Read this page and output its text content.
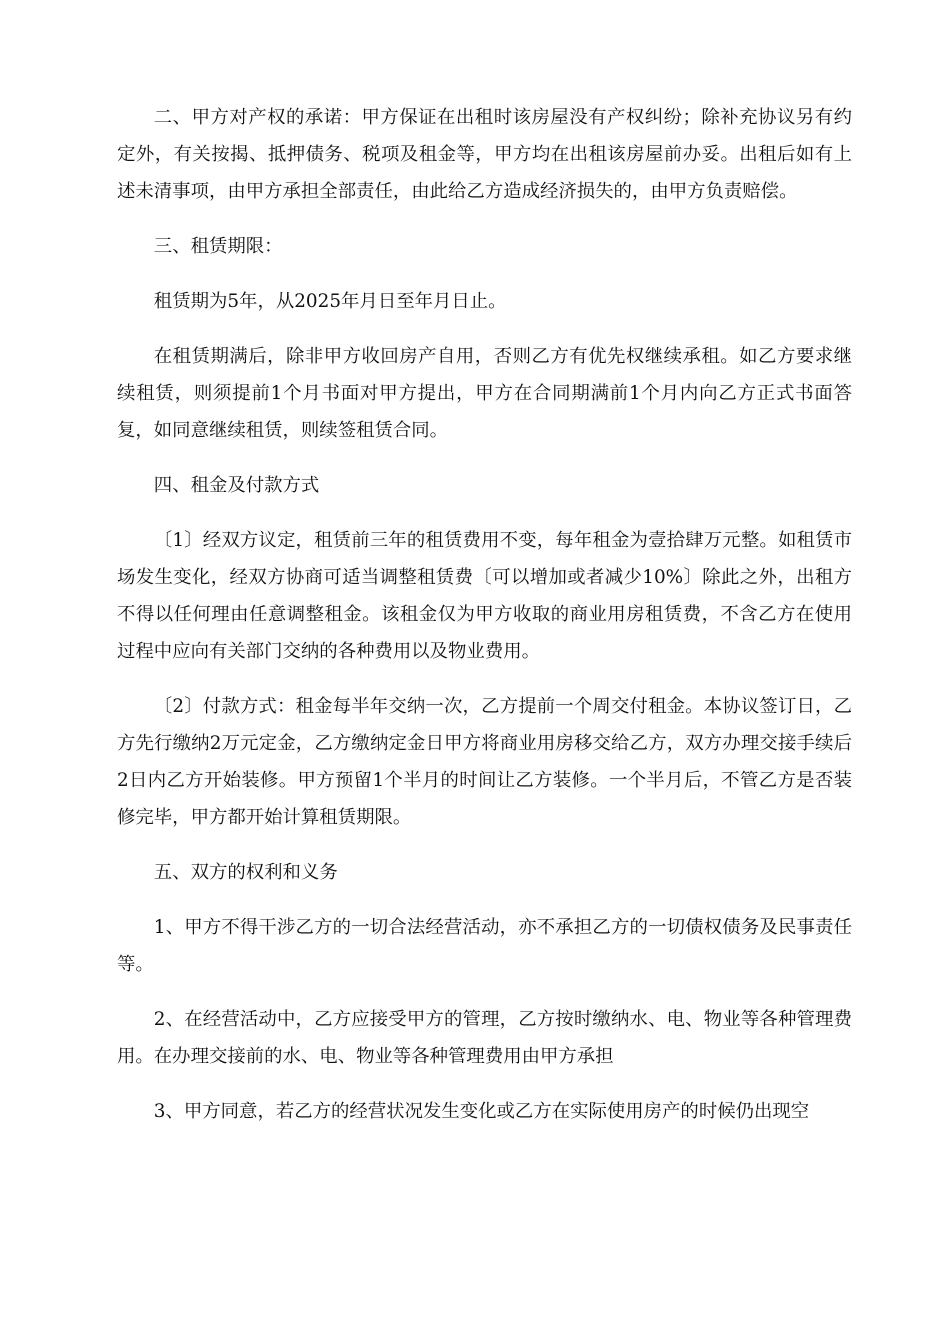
二、甲方对产权的承诺：甲方保证在出租时该房屋没有产权纠纷；除补充协议另有约定外，有关按揭、抵押债务、税项及租金等，甲方均在出租该房屋前办妥。出租后如有上述未清事项，由甲方承担全部责任，由此给乙方造成经济损失的，由甲方负责赔偿。

三、租赁期限：

租赁期为5年，从2025年月日至年月日止。

在租赁期满后，除非甲方收回房产自用，否则乙方有优先权继续承租。如乙方要求继续租赁，则须提前1个月书面对甲方提出，甲方在合同期满前1个月内向乙方正式书面答复，如同意继续租赁，则续签租赁合同。

四、租金及付款方式

〔1〕经双方议定，租赁前三年的租赁费用不变，每年租金为壹拾肆万元整。如租赁市场发生变化，经双方协商可适当调整租赁费〔可以增加或者减少10%〕除此之外，出租方不得以任何理由任意调整租金。该租金仅为甲方收取的商业用房租赁费，不含乙方在使用过程中应向有关部门交纳的各种费用以及物业费用。

〔2〕付款方式：租金每半年交纳一次，乙方提前一个周交付租金。本协议签订日，乙方先行缴纳2万元定金，乙方缴纳定金日甲方将商业用房移交给乙方，双方办理交接手续后2日内乙方开始装修。甲方预留1个半月的时间让乙方装修。一个半月后，不管乙方是否装修完毕，甲方都开始计算租赁期限。

五、双方的权利和义务

1、甲方不得干涉乙方的一切合法经营活动，亦不承担乙方的一切债权债务及民事责任等。

2、在经营活动中，乙方应接受甲方的管理，乙方按时缴纳水、电、物业等各种管理费用。在办理交接前的水、电、物业等各种管理费用由甲方承担

3、甲方同意，若乙方的经营状况发生变化或乙方在实际使用房产的时候仍出现空
